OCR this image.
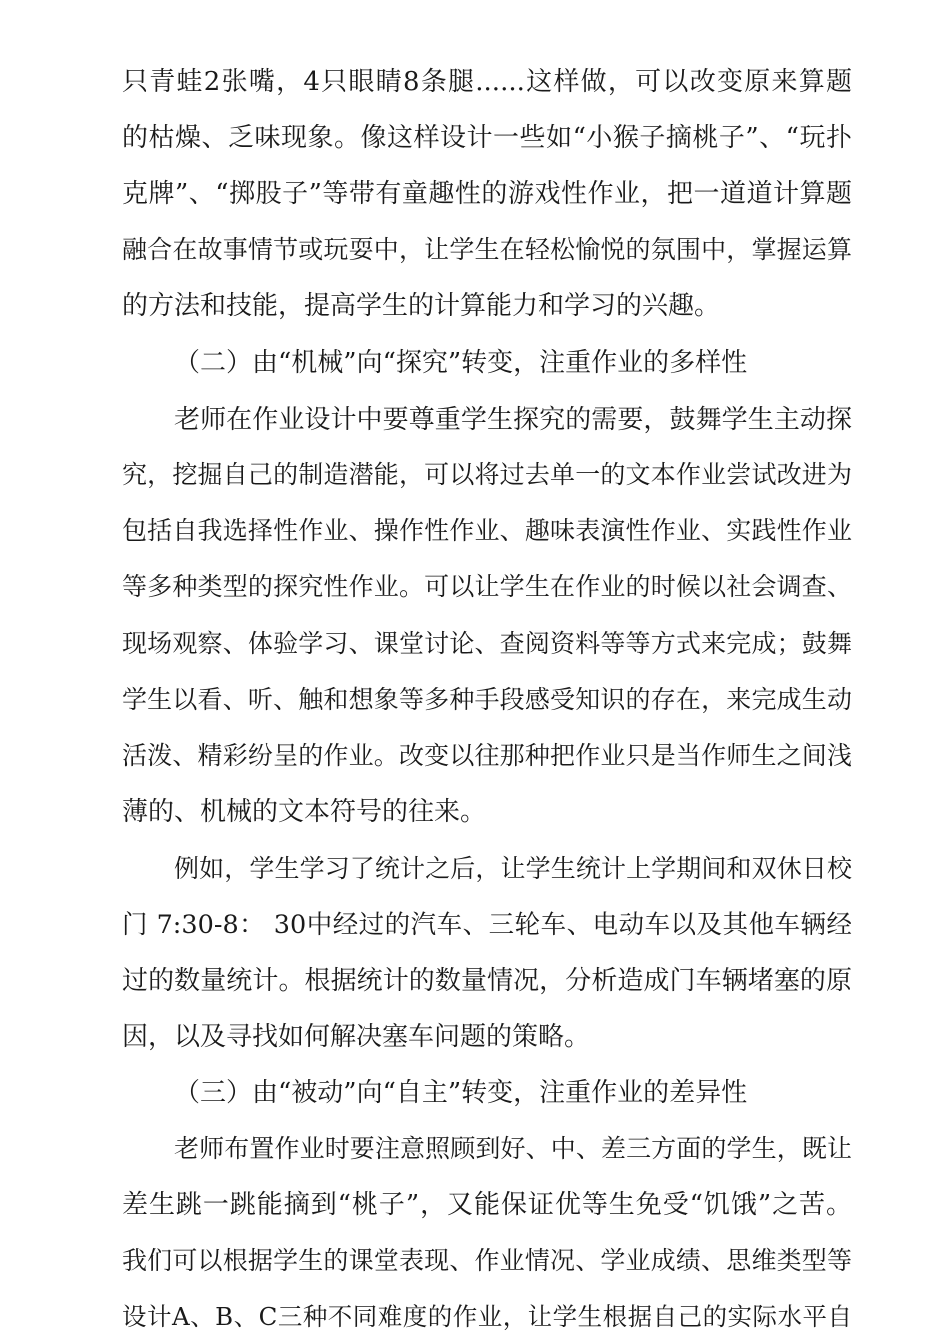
只青蛙2张嘴，4只眼睛8条腿......这样做，可以改变原来算题
的枯燥、乏味现象。像这样设计一些如“小猴子摘桃子”、“玩扑
克牌”、“掷股子”等带有童趣性的游戏性作业，把一道道计算题
融合在故事情节或玩耍中，让学生在轻松愉悦的氛围中，掌握运算
的方法和技能，提高学生的计算能力和学习的兴趣。
（二）由“机械”向“探究”转变，注重作业的多样性
老师在作业设计中要尊重学生探究的需要，鼓舞学生主动探
究，挖掘自己的制造潜能，可以将过去单一的文本作业尝试改进为
包括自我选择性作业、操作性作业、趣味表演性作业、实践性作业
等多种类型的探究性作业。可以让学生在作业的时候以社会调查、
现场观察、体验学习、课堂讨论、查阅资料等等方式来完成；鼓舞
学生以看、听、触和想象等多种手段感受知识的存在，来完成生动
活泼、精彩纷呈的作业。改变以往那种把作业只是当作师生之间浅
薄的、机械的文本符号的往来。
例如，学生学习了统计之后，让学生统计上学期间和双休日校
门 7:30-8： 30中经过的汽车、三轮车、电动车以及其他车辆经
过的数量统计。根据统计的数量情况，分析造成门车辆堵塞的原
因，以及寻找如何解决塞车问题的策略。
（三）由“被动”向“自主”转变，注重作业的差异性
老师布置作业时要注意照顾到好、中、差三方面的学生，既让
差生跳一跳能摘到“桃子”，又能保证优等生免受“饥饿”之苦。
我们可以根据学生的课堂表现、作业情况、学业成绩、思维类型等
设计A、B、C三种不同难度的作业，让学生根据自己的实际水平自
